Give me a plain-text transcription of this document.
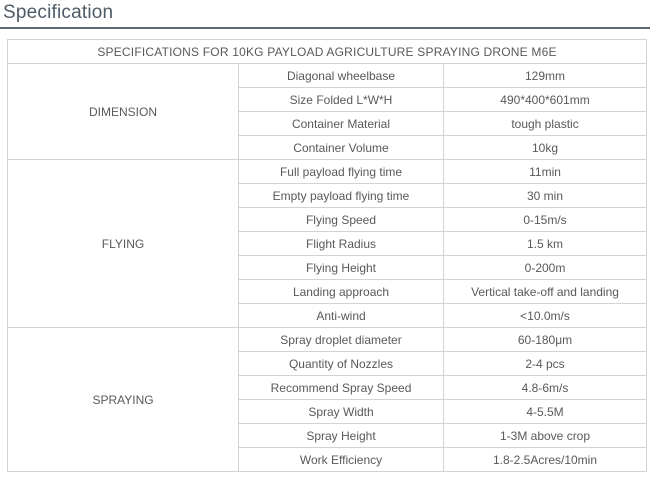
Specification
SPECIFICATIONS FOR 10KG PAYLOAD AGRICULTURE SPRAYING DRONE M6E		
DIMENSION	Diagonal wheelbase	129mm
	Size Folded L*W*H	490*400*601mm
	Container Material	tough plastic
	Container Volume	10kg
FLYING	Full payload flying time	11min
	Empty payload flying time	30 min
	Flying Speed	0-15m/s
	Flight Radius	1.5 km
	Flying Height	0-200m
	Landing approach	Vertical take-off and landing
	Anti-wind	<10.0m/s
SPRAYING	Spray droplet diameter	60-180μm
	Quantity of Nozzles	2-4 pcs
	Recommend Spray Speed	4.8-6m/s
	Spray Width	4-5.5M
	Spray Height	1-3M above crop
	Work Efficiency	1.8-2.5Acres/10min
